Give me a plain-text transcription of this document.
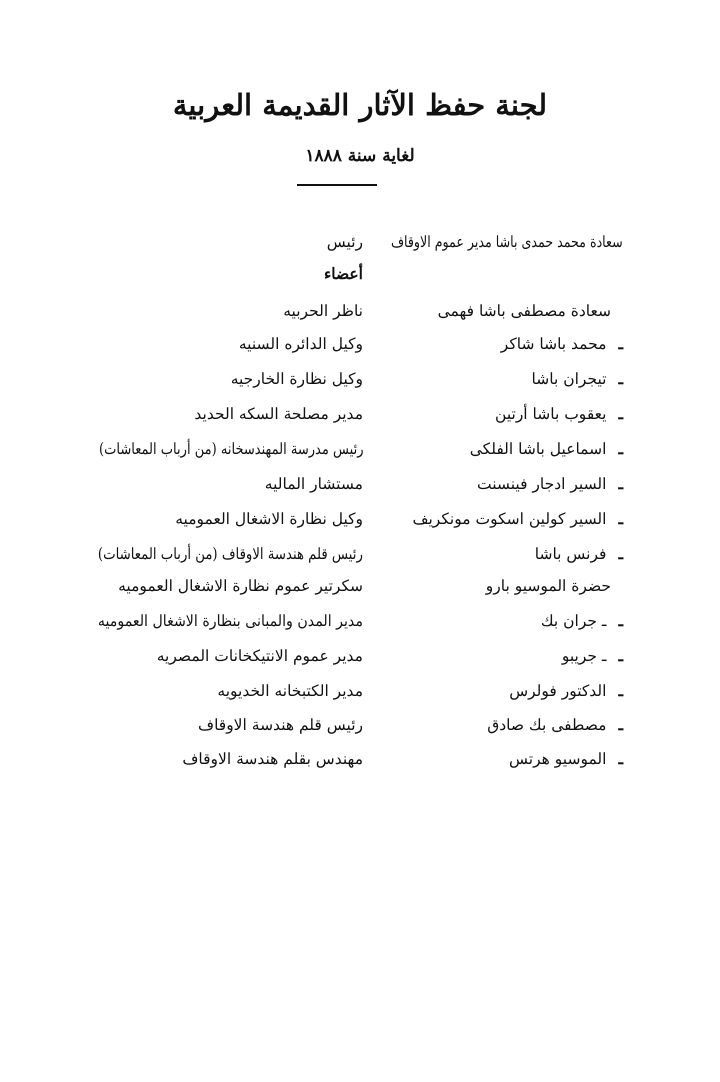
لجنة حفظ الآثار القديمة العربية
لغاية سنة ١٨٨٨
سعادة محمد حمدى باشا مدير عموم الاوقاف
رئيس
أعضاء
سعادة مصطفى باشا فهمى
ناظر الحربيه
ـمحمد باشا شاكر
وكيل الدائره السنيه
ـتيجران باشا
وكيل نظارة الخارجيه
ـيعقوب باشا أرتين
مدير مصلحة السكه الحديد
ـاسماعيل باشا الفلكى
رئيس مدرسة المهندسخانه (من أرباب المعاشات)
ـالسير ادجار فينسنت
مستشار الماليه
ـالسير كولين اسكوت مونكريف
وكيل نظارة الاشغال العموميه
ـفرنس باشا
رئيس قلم هندسة الاوقاف (من أرباب المعاشات)
حضرة الموسيو بارو
سكرتير عموم نظارة الاشغال العموميه
ــ جران بك
مدير المدن والمبانى بنظارة الاشغال العموميه
ــ جريبو
مدير عموم الانتيكخانات المصريه
ـالدكتور فولرس
مدير الكتبخانه الخديويه
ـمصطفى بك صادق
رئيس قلم هندسة الاوقاف
ـالموسيو هرتس
مهندس بقلم هندسة الاوقاف
